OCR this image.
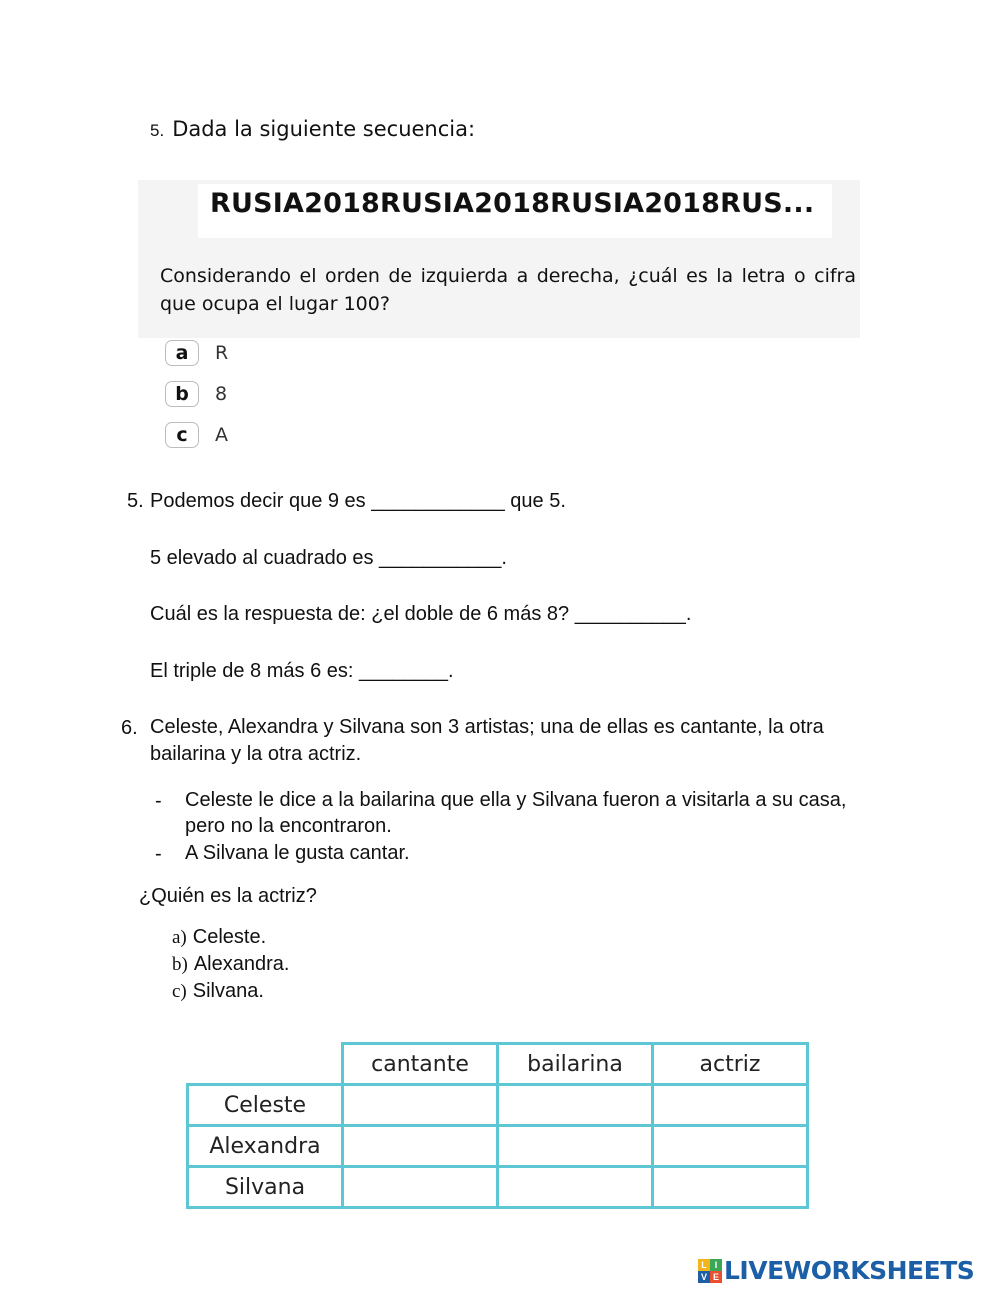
5. Dada la siguiente secuencia:
RUSIA2018RUSIA2018RUSIA2018RUS...
Considerando el orden de izquierda a derecha, ¿cuál es la letra o cifra que ocupa el lugar 100?
a	R
b	8
c	A
5. Podemos decir que 9 es ____________ que 5.
5 elevado al cuadrado es ___________.
Cuál es la respuesta de: ¿el doble de 6 más 8? __________.
El triple de 8 más 6 es: ________.
6. Celeste, Alexandra y Silvana son 3 artistas; una de ellas es cantante, la otra bailarina y la otra actriz.
- Celeste le dice a la bailarina que ella y Silvana fueron a visitarla a su casa, pero no la encontraron.
- A Silvana le gusta cantar.
¿Quién es la actriz?
a) Celeste.
b) Alexandra.
c) Silvana.
	cantante	bailarina	actriz
Celeste			
Alexandra			
Silvana			
L I
V E LIVEWORKSHEETS
